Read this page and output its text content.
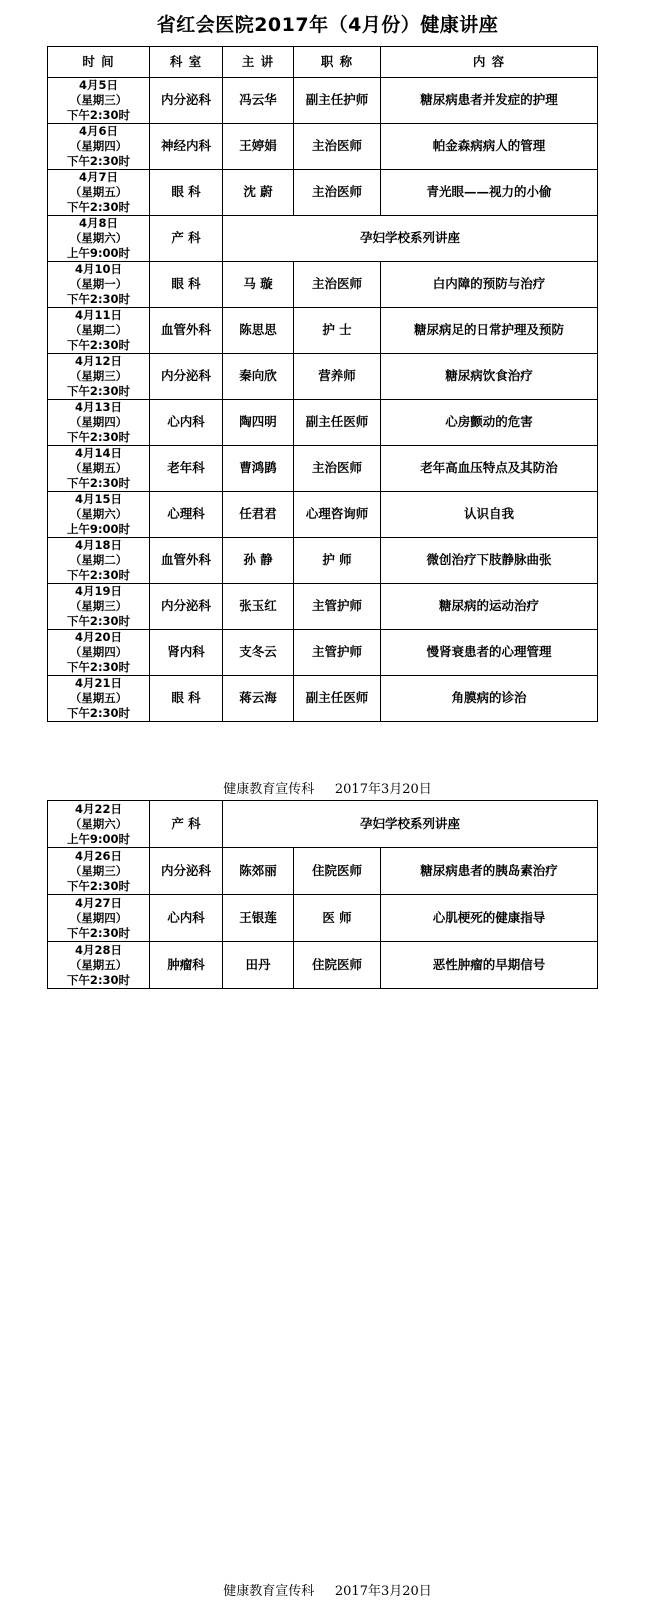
省红会医院2017年（4月份）健康讲座
时 间	科 室	主 讲	职 称	内 容

4月5日
（星期三）
下午2:30时	内分泌科	冯云华	副主任护师	糖尿病患者并发症的护理

4月6日
（星期四）
下午2:30时	神经内科	王婷娟	主治医师	帕金森病病人的管理

4月7日
（星期五）
下午2:30时	眼 科	沈 蔚	主治医师	青光眼——视力的小偷

4月8日
（星期六）
上午9:00时	产 科	孕妇学校系列讲座		

4月10日
（星期一）
下午2:30时	眼 科	马 璇	主治医师	白内障的预防与治疗

4月11日
（星期二）
下午2:30时	血管外科	陈思思	护 士	糖尿病足的日常护理及预防

4月12日
（星期三）
下午2:30时	内分泌科	秦向欣	营养师	糖尿病饮食治疗

4月13日
（星期四）
下午2:30时	心内科	陶四明	副主任医师	心房颤动的危害

4月14日
（星期五）
下午2:30时	老年科	曹鸿鹍	主治医师	老年高血压特点及其防治

4月15日
（星期六）
上午9:00时	心理科	任君君	心理咨询师	认识自我

4月18日
（星期二）
下午2:30时	血管外科	孙 静	护 师	微创治疗下肢静脉曲张

4月19日
（星期三）
下午2:30时	内分泌科	张玉红	主管护师	糖尿病的运动治疗

4月20日
（星期四）
下午2:30时	肾内科	支冬云	主管护师	慢肾衰患者的心理管理

4月21日
（星期五）
下午2:30时	眼 科	蒋云海	副主任医师	角膜病的诊治
健康教育宣传科     2017年3月20日
4月22日
（星期六）
上午9:00时	产 科	孕妇学校系列讲座		

4月26日
（星期三）
下午2:30时	内分泌科	陈郊丽	住院医师	糖尿病患者的胰岛素治疗

4月27日
（星期四）
下午2:30时	心内科	王银莲	医 师	心肌梗死的健康指导

4月28日
（星期五）
下午2:30时	肿瘤科	田丹	住院医师	恶性肿瘤的早期信号
健康教育宣传科     2017年3月20日
